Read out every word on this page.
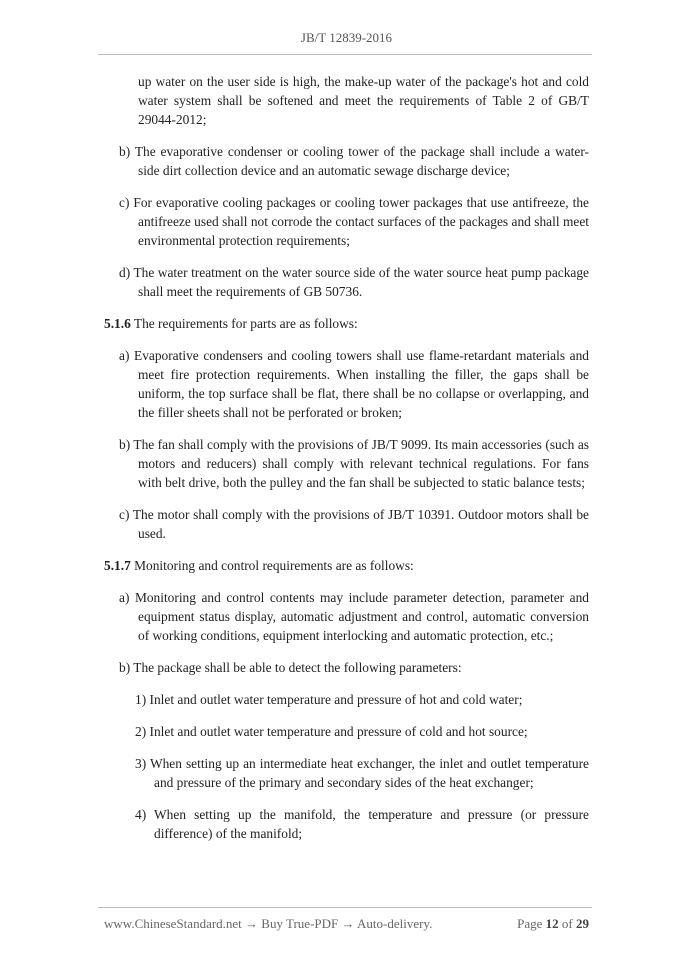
JB/T 12839-2016

up water on the user side is high, the make-up water of the package's hot and cold water system shall be softened and meet the requirements of Table 2 of GB/T 29044-2012;

b) The evaporative condenser or cooling tower of the package shall include a water-side dirt collection device and an automatic sewage discharge device;

c) For evaporative cooling packages or cooling tower packages that use antifreeze, the antifreeze used shall not corrode the contact surfaces of the packages and shall meet environmental protection requirements;

d) The water treatment on the water source side of the water source heat pump package shall meet the requirements of GB 50736.

5.1.6 The requirements for parts are as follows:

a) Evaporative condensers and cooling towers shall use flame-retardant materials and meet fire protection requirements. When installing the filler, the gaps shall be uniform, the top surface shall be flat, there shall be no collapse or overlapping, and the filler sheets shall not be perforated or broken;

b) The fan shall comply with the provisions of JB/T 9099. Its main accessories (such as motors and reducers) shall comply with relevant technical regulations. For fans with belt drive, both the pulley and the fan shall be subjected to static balance tests;

c) The motor shall comply with the provisions of JB/T 10391. Outdoor motors shall be used.

5.1.7 Monitoring and control requirements are as follows:

a) Monitoring and control contents may include parameter detection, parameter and equipment status display, automatic adjustment and control, automatic conversion of working conditions, equipment interlocking and automatic protection, etc.;

b) The package shall be able to detect the following parameters:

1) Inlet and outlet water temperature and pressure of hot and cold water;

2) Inlet and outlet water temperature and pressure of cold and hot source;

3) When setting up an intermediate heat exchanger, the inlet and outlet temperature and pressure of the primary and secondary sides of the heat exchanger;

4) When setting up the manifold, the temperature and pressure (or pressure difference) of the manifold;

www.ChineseStandard.net → Buy True-PDF → Auto-delivery.	Page 12 of 29
